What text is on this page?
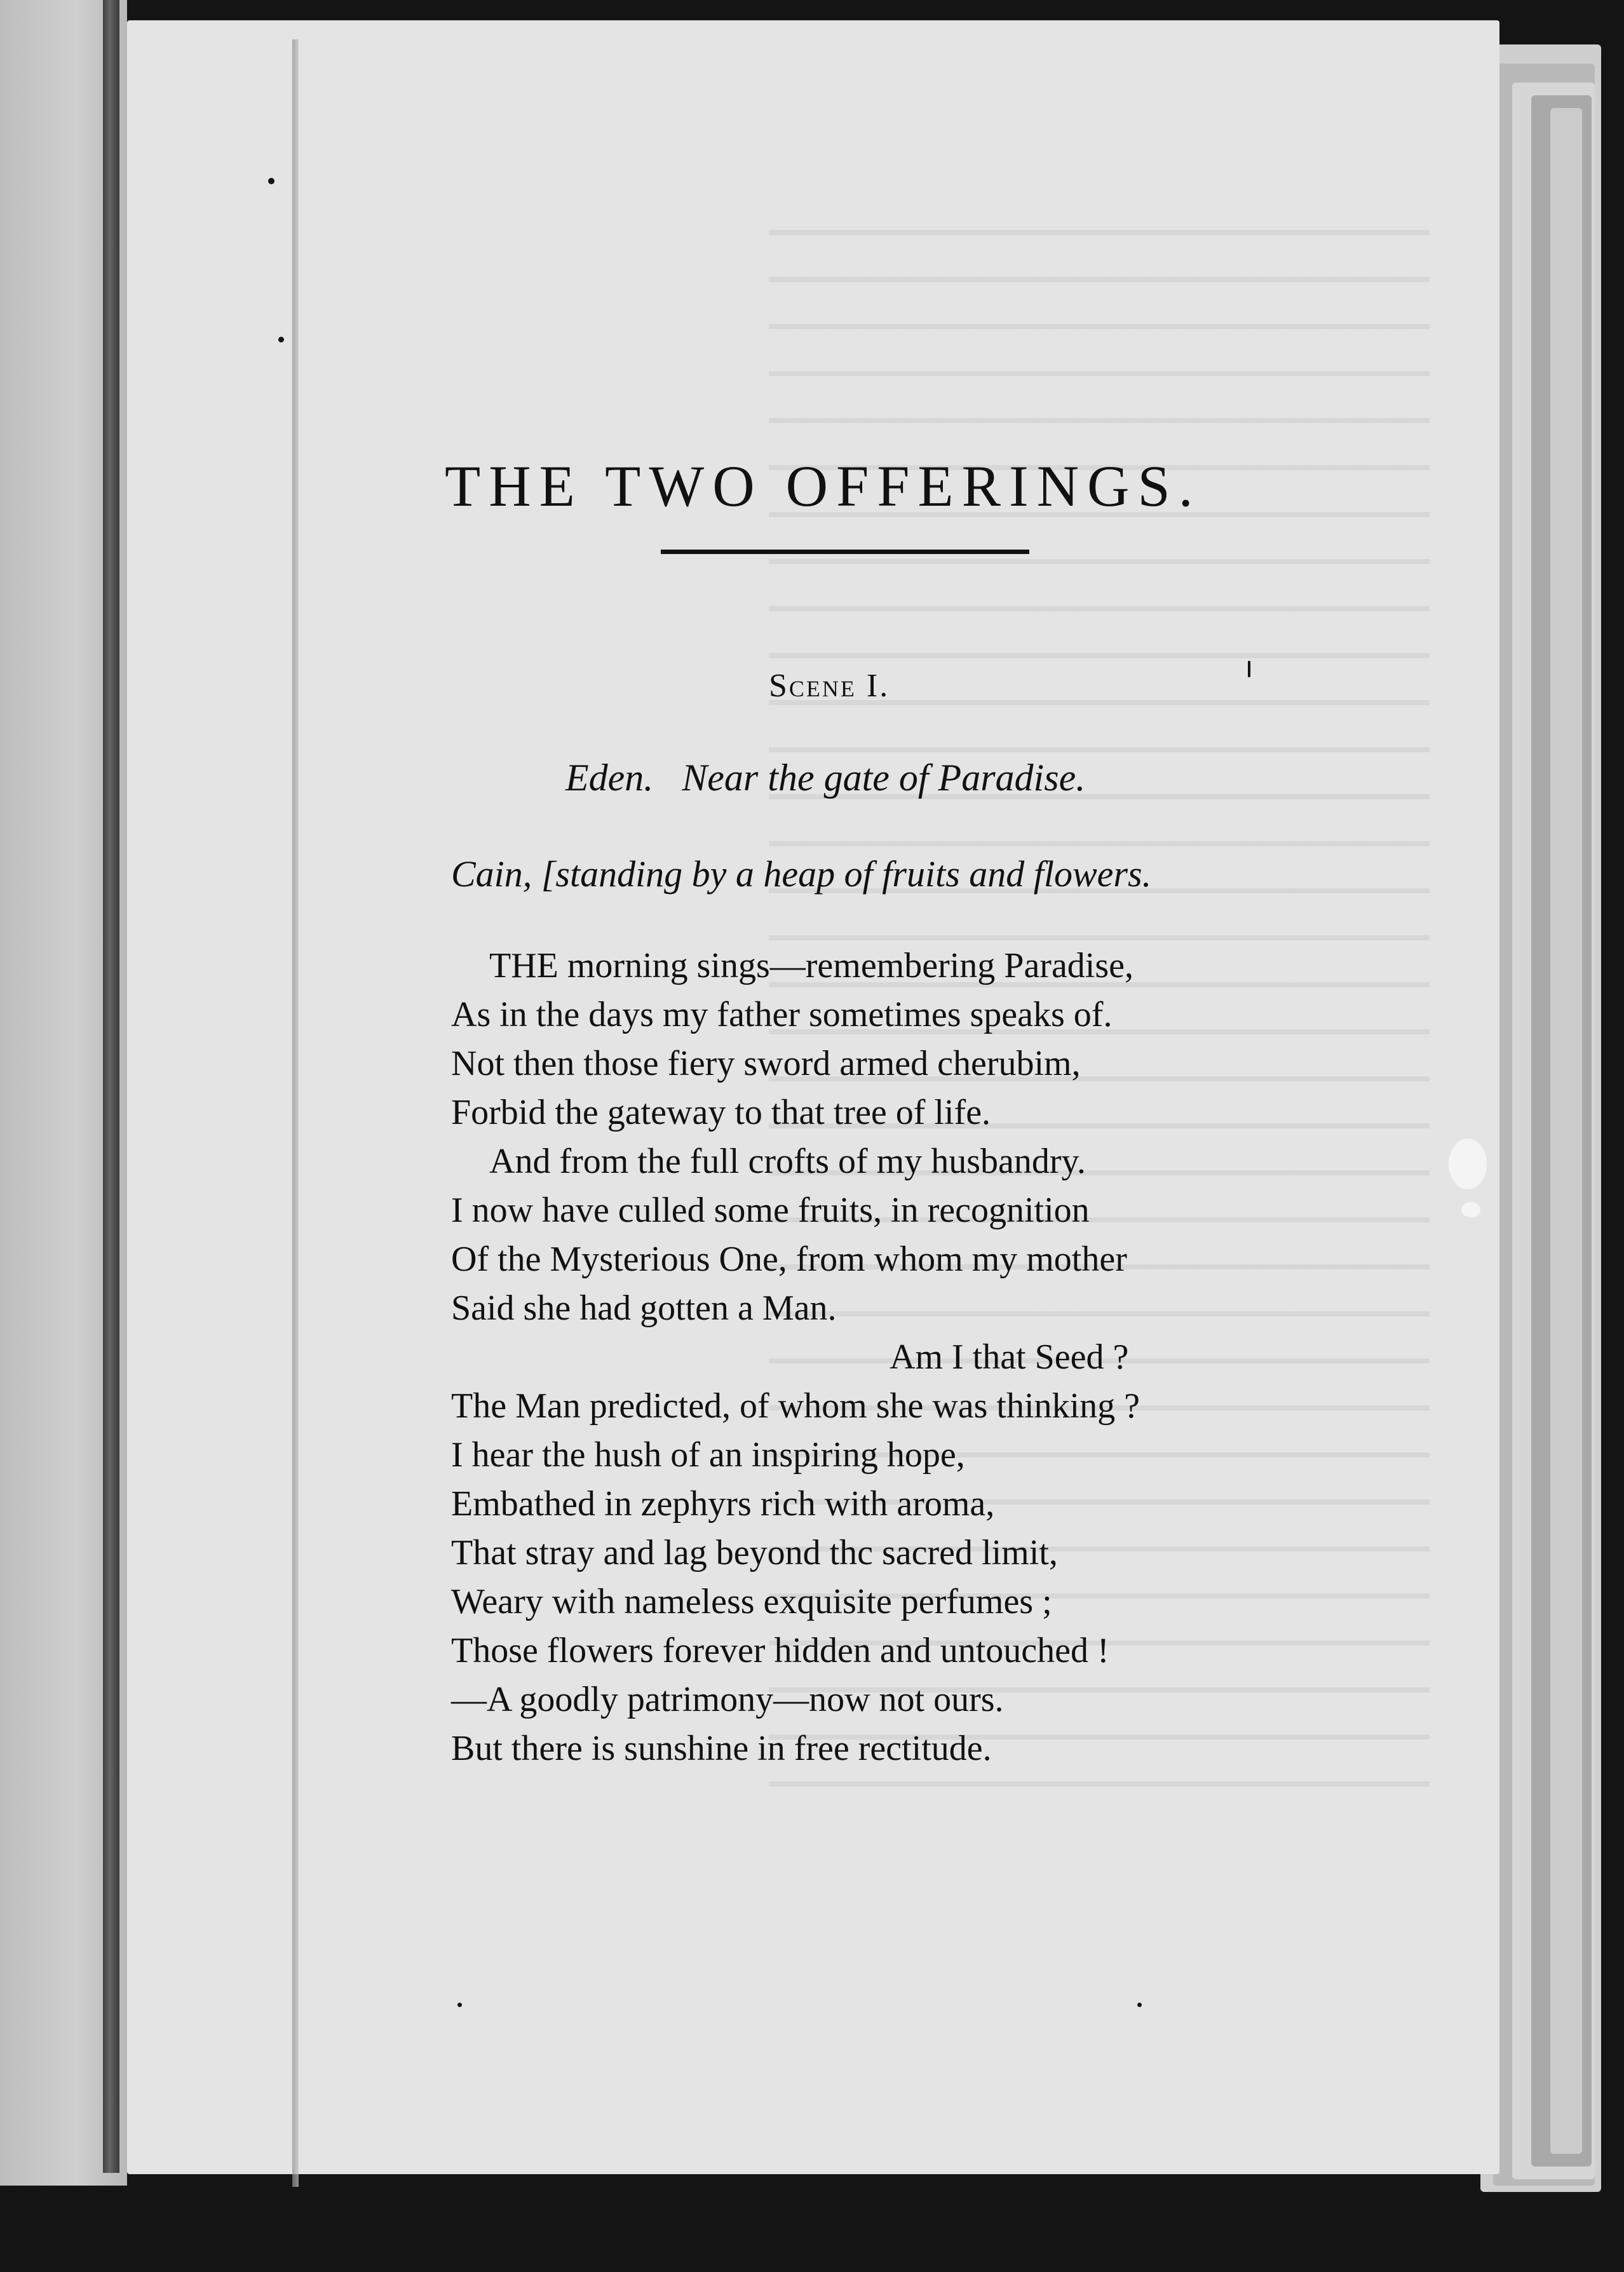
THE TWO OFFERINGS.
Scene I.
Eden.   Near the gate of Paradise.
Cain, [standing by a heap of fruits and flowers.
THE morning sings—remembering Paradise,
As in the days my father sometimes speaks of.
Not then those fiery sword armed cherubim,
Forbid the gateway to that tree of life.
And from the full crofts of my husbandry.
I now have culled some fruits, in recognition
Of the Mysterious One, from whom my mother
Said she had gotten a Man.
Am I that Seed ?
The Man predicted, of whom she was thinking ?
I hear the hush of an inspiring hope,
Embathed in zephyrs rich with aroma,
That stray and lag beyond thc sacred limit,
Weary with nameless exquisite perfumes ;
Those flowers forever hidden and untouched !
—A goodly patrimony—now not ours.
But there is sunshine in free rectitude.
